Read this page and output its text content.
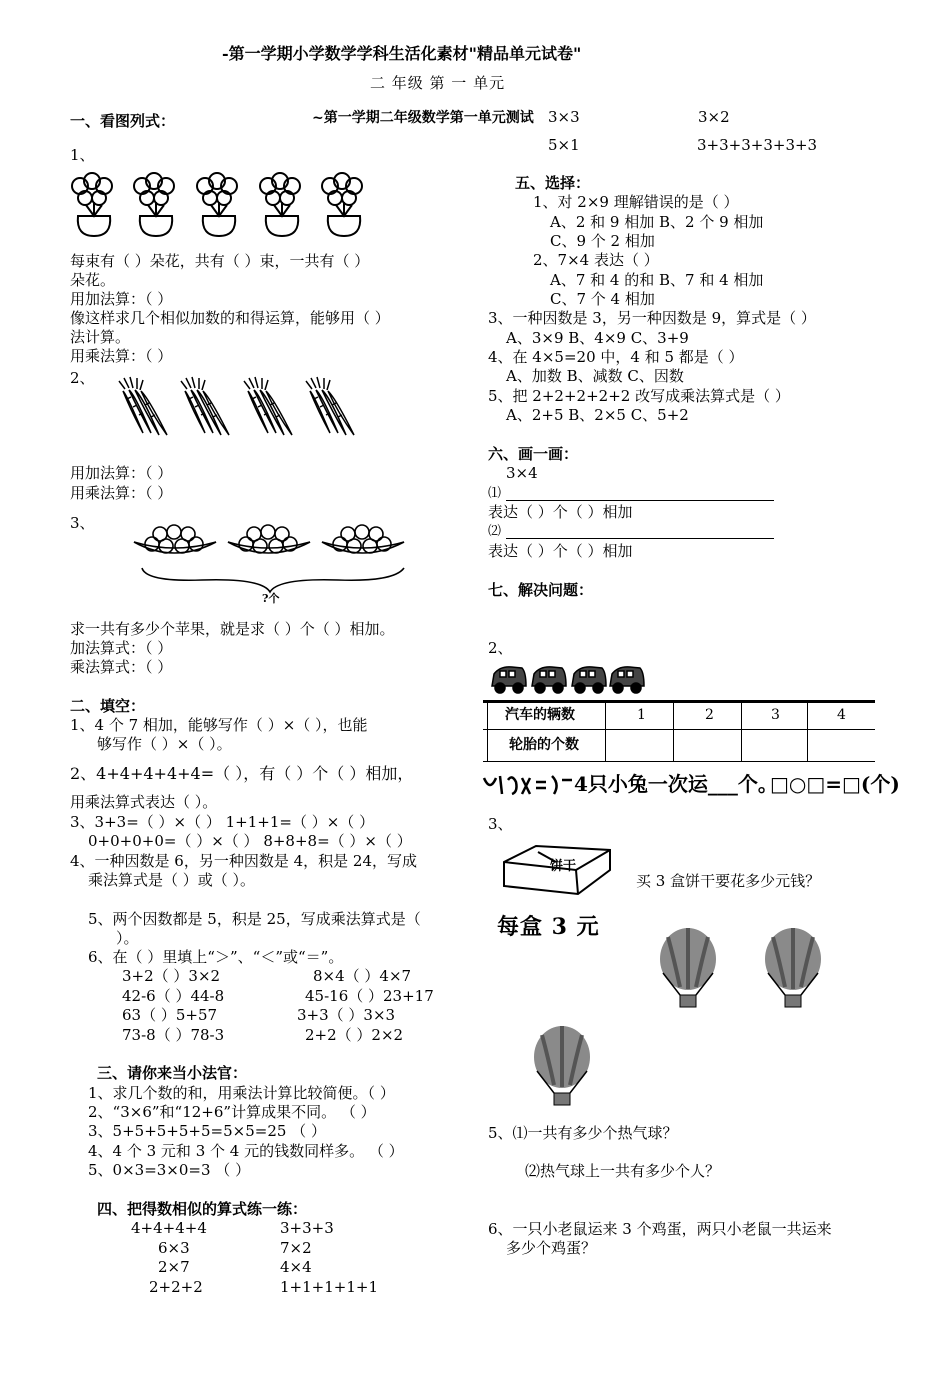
-第一学期小学数学学科生活化素材"精品单元试卷"
二 年级 第 一 单元
~第一学期二年级数学第一单元测试
一、看图列式：
1、
每束有（ ）朵花，共有（ ）束，一共有（ ）
朵花。
用加法算：（ ）
像这样求几个相似加数的和得运算，能够用（ ）
法计算。
用乘法算：（ ）
2、
用加法算：（ ）
用乘法算：（ ）
3、
?个
求一共有多少个苹果，就是求（ ）个（ ）相加。
加法算式：（ ）
乘法算式：（ ）
二、填空：
1、4 个 7 相加，能够写作（ ）×（ ），也能
够写作（ ）×（ ）。
2、4+4+4+4+4=（ ），有（ ）个（ ）相加，
用乘法算式表达（ ）。
3、3+3=（ ）×（ ） 1+1+1=（ ）×（ ）
0+0+0+0=（ ）×（ ） 8+8+8=（ ）×（ ）
4、一种因数是 6，另一种因数是 4，积是 24，写成
乘法算式是（ ）或（ ）。
5、两个因数都是 5，积是 25，写成乘法算式是（
）。
6、在（ ）里填上“＞”、“＜”或“＝”。
3+2（ ）3×2	8×4（ ）4×7
42-6（ ）44-8	45-16（ ）23+17
63（ ）5+57	3+3（ ）3×3
73-8（ ）78-3	2+2（ ）2×2
三、请你来当小法官：
1、求几个数的和，用乘法计算比较简便。（ ）
2、“3×6”和“12+6”计算成果不同。 （ ）
3、5+5+5+5+5=5×5=25 （ ）
4、4 个 3 元和 3 个 4 元的钱数同样多。 （ ）
5、0×3=3×0=3 （ ）
四、把得数相似的算式练一练：
4+4+4+4	3+3+3
6×3	7×2
2×7	4×4
2+2+2	1+1+1+1+1
3×3	3×2
5×1	3+3+3+3+3+3
五、选择：
1、对 2×9 理解错误的是（ ）
A、2 和 9 相加 B、2 个 9 相加
C、9 个 2 相加
2、7×4 表达（ ）
A、7 和 4 的和 B、7 和 4 相加
C、7 个 4 相加
3、一种因数是 3，另一种因数是 9，算式是（ ）
A、3×9 B、4×9 C、3+9
4、在 4×5=20 中，4 和 5 都是（ ）
A、加数 B、减数 C、因数
5、把 2+2+2+2+2 改写成乘法算式是（ ）
A、2+5 B、2×5 C、5+2
六、画一画：
3×4
⑴
表达（ ）个（ ）相加
⑵
表达（ ）个（ ）相加
七、解决问题：
2、
汽车的辆数	1	2	3	4
轮胎的个数
4只小兔一次运___个。
□○□=□(个)
3、
饼干
买 3 盒饼干要花多少元钱？
每盒 3 元
5、⑴一共有多少个热气球？
⑵热气球上一共有多少个人？
6、一只小老鼠运来 3 个鸡蛋，两只小老鼠一共运来
多少个鸡蛋？
